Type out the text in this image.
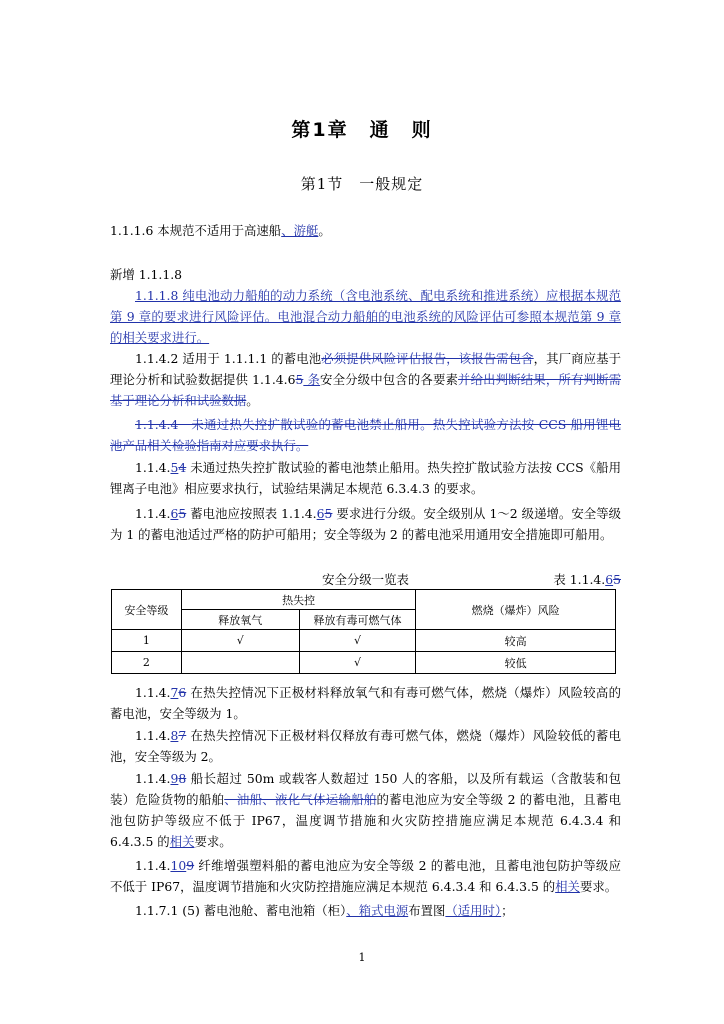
第1章　通　则
第1节　一般规定
1.1.1.6 本规范不适用于高速船、游艇。
新增 1.1.1.8
1.1.1.8 纯电池动力船舶的动力系统（含电池系统、配电系统和推进系统）应根据本规范第 9 章的要求进行风险评估。电池混合动力船舶的电池系统的风险评估可参照本规范第 9 章的相关要求进行。
1.1.4.2 适用于 1.1.1.1 的蓄电池必须提供风险评估报告，该报告需包含，其厂商应基于理论分析和试验数据提供 1.1.4.65 条安全分级中包含的各要素并给出判断结果，所有判断需基于理论分析和试验数据。
1.1.4.4　未通过热失控扩散试验的蓄电池禁止船用。热失控试验方法按 CCS 船用锂电池产品相关检验指南对应要求执行。
1.1.4.54 未通过热失控扩散试验的蓄电池禁止船用。热失控扩散试验方法按 CCS《船用锂离子电池》相应要求执行，试验结果满足本规范 6.3.4.3 的要求。
1.1.4.65 蓄电池应按照表 1.1.4.65 要求进行分级。安全级别从 1～2 级递增。安全等级为 1 的蓄电池适过严格的防护可船用；安全等级为 2 的蓄电池采用通用安全措施即可船用。
安全分级一览表	表 1.1.4.65
安全等级	热失控		燃烧（爆炸）风险
	释放氧气	释放有毒可燃气体	
1	√	√	较高
2		√	较低
1.1.4.76 在热失控情况下正极材料释放氧气和有毒可燃气体，燃烧（爆炸）风险较高的蓄电池，安全等级为 1。
1.1.4.87 在热失控情况下正极材料仅释放有毒可燃气体，燃烧（爆炸）风险较低的蓄电池，安全等级为 2。
1.1.4.98 船长超过 50m 或载客人数超过 150 人的客船，以及所有载运（含散装和包装）危险货物的船舶、油船、液化气体运输船舶的蓄电池应为安全等级 2 的蓄电池，且蓄电池包防护等级应不低于 IP67，温度调节措施和火灾防控措施应满足本规范 6.4.3.4 和 6.4.3.5 的相关要求。
1.1.4.109 纤维增强塑料船的蓄电池应为安全等级 2 的蓄电池，且蓄电池包防护等级应不低于 IP67，温度调节措施和火灾防控措施应满足本规范 6.4.3.4 和 6.4.3.5 的相关要求。
1.1.7.1 (5) 蓄电池舱、蓄电池箱（柜）、箱式电源布置图（适用时）；
1
